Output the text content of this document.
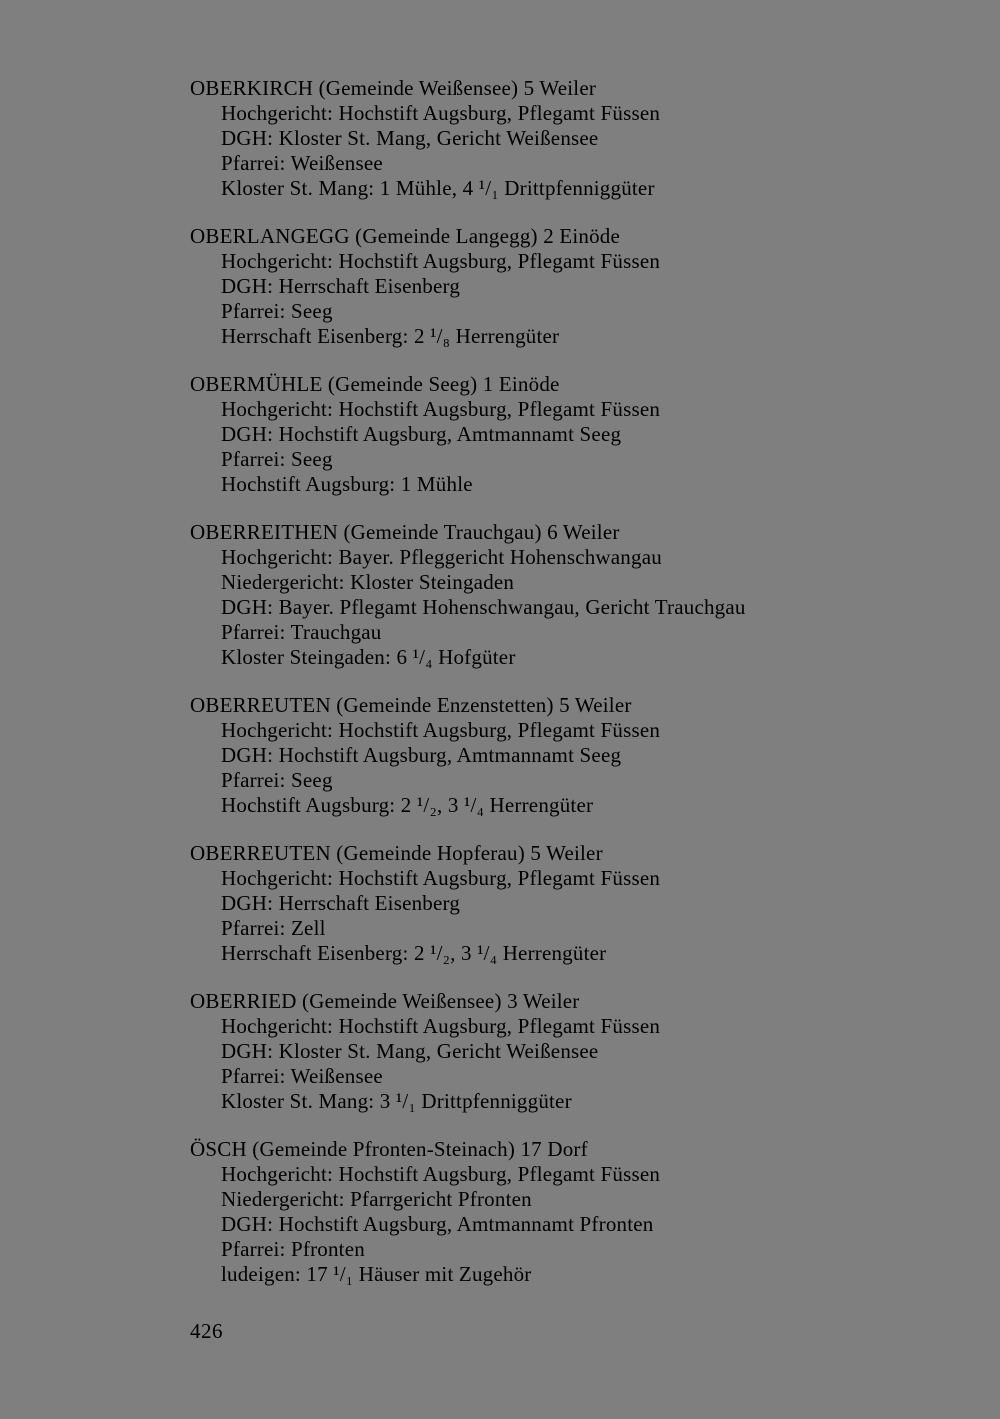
OBERKIRCH (Gemeinde Weißensee) 5 Weiler
Hochgericht: Hochstift Augsburg, Pflegamt Füssen
DGH: Kloster St. Mang, Gericht Weißensee
Pfarrei: Weißensee
Kloster St. Mang: 1 Mühle, 4 ¹/₁ Drittpfenniggüter
OBERLANGEGG (Gemeinde Langegg) 2 Einöde
Hochgericht: Hochstift Augsburg, Pflegamt Füssen
DGH: Herrschaft Eisenberg
Pfarrei: Seeg
Herrschaft Eisenberg: 2 ¹/₈ Herrengüter
OBERMÜHLE (Gemeinde Seeg) 1 Einöde
Hochgericht: Hochstift Augsburg, Pflegamt Füssen
DGH: Hochstift Augsburg, Amtmannamt Seeg
Pfarrei: Seeg
Hochstift Augsburg: 1 Mühle
OBERREITHEN (Gemeinde Trauchgau) 6 Weiler
Hochgericht: Bayer. Pfleggericht Hohenschwangau
Niedergericht: Kloster Steingaden
DGH: Bayer. Pflegamt Hohenschwangau, Gericht Trauchgau
Pfarrei: Trauchgau
Kloster Steingaden: 6 ¹/₄ Hofgüter
OBERREUTEN (Gemeinde Enzenstetten) 5 Weiler
Hochgericht: Hochstift Augsburg, Pflegamt Füssen
DGH: Hochstift Augsburg, Amtmannamt Seeg
Pfarrei: Seeg
Hochstift Augsburg: 2 ¹/₂, 3 ¹/₄ Herrengüter
OBERREUTEN (Gemeinde Hopferau) 5 Weiler
Hochgericht: Hochstift Augsburg, Pflegamt Füssen
DGH: Herrschaft Eisenberg
Pfarrei: Zell
Herrschaft Eisenberg: 2 ¹/₂, 3 ¹/₄ Herrengüter
OBERRIED (Gemeinde Weißensee) 3 Weiler
Hochgericht: Hochstift Augsburg, Pflegamt Füssen
DGH: Kloster St. Mang, Gericht Weißensee
Pfarrei: Weißensee
Kloster St. Mang: 3 ¹/₁ Drittpfenniggüter
ÖSCH (Gemeinde Pfronten-Steinach) 17 Dorf
Hochgericht: Hochstift Augsburg, Pflegamt Füssen
Niedergericht: Pfarrgericht Pfronten
DGH: Hochstift Augsburg, Amtmannamt Pfronten
Pfarrei: Pfronten
ludeigen: 17 ¹/₁ Häuser mit Zugehör
426
